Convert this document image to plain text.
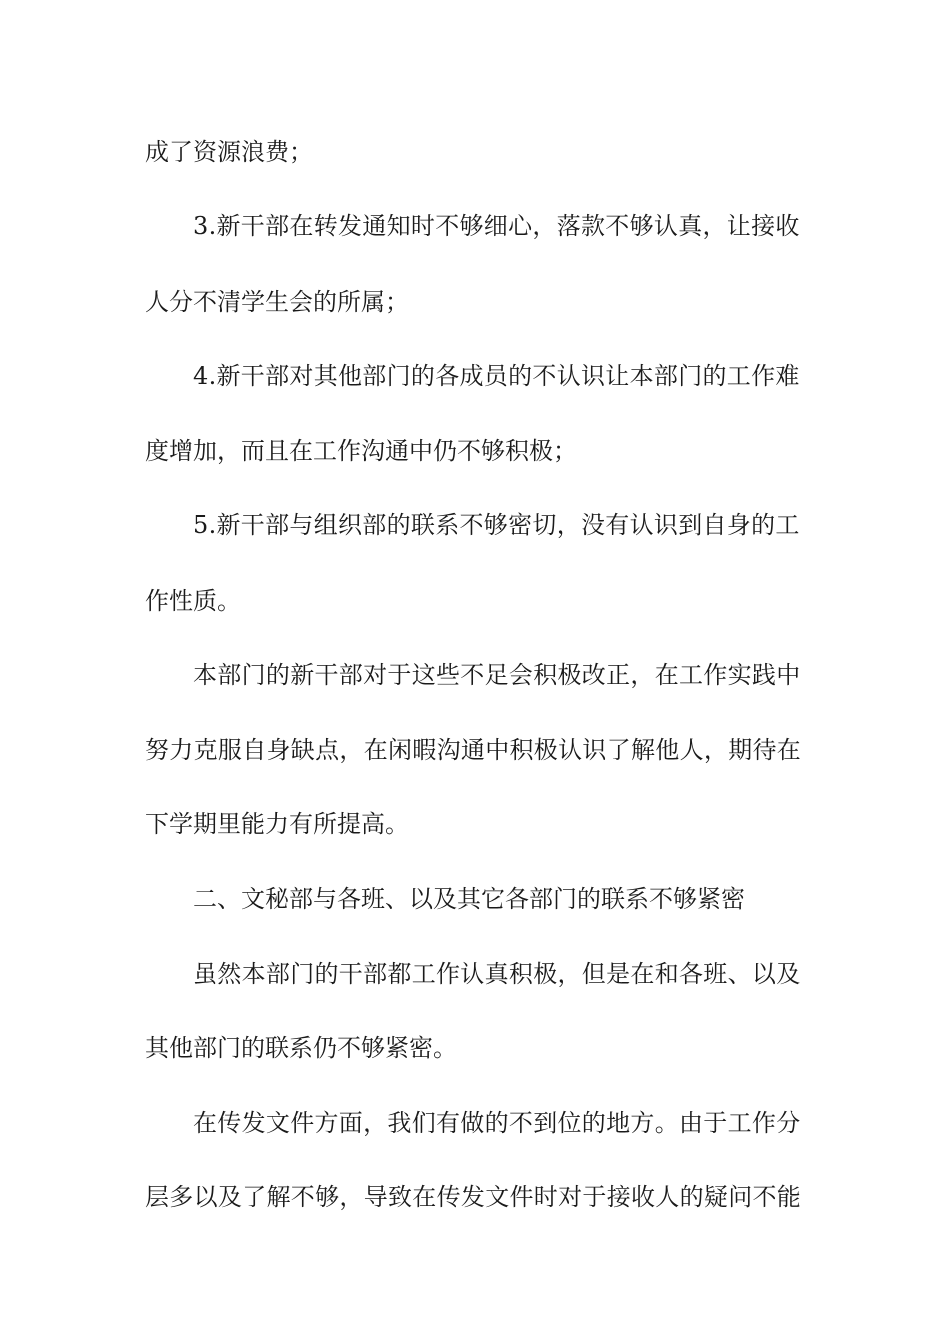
成了资源浪费；
3.新干部在转发通知时不够细心，落款不够认真，让接收
人分不清学生会的所属；
4.新干部对其他部门的各成员的不认识让本部门的工作难
度增加，而且在工作沟通中仍不够积极；
5.新干部与组织部的联系不够密切，没有认识到自身的工
作性质。
本部门的新干部对于这些不足会积极改正，在工作实践中
努力克服自身缺点，在闲暇沟通中积极认识了解他人，期待在
下学期里能力有所提高。
二、文秘部与各班、以及其它各部门的联系不够紧密
虽然本部门的干部都工作认真积极，但是在和各班、以及
其他部门的联系仍不够紧密。
在传发文件方面，我们有做的不到位的地方。由于工作分
层多以及了解不够，导致在传发文件时对于接收人的疑问不能
